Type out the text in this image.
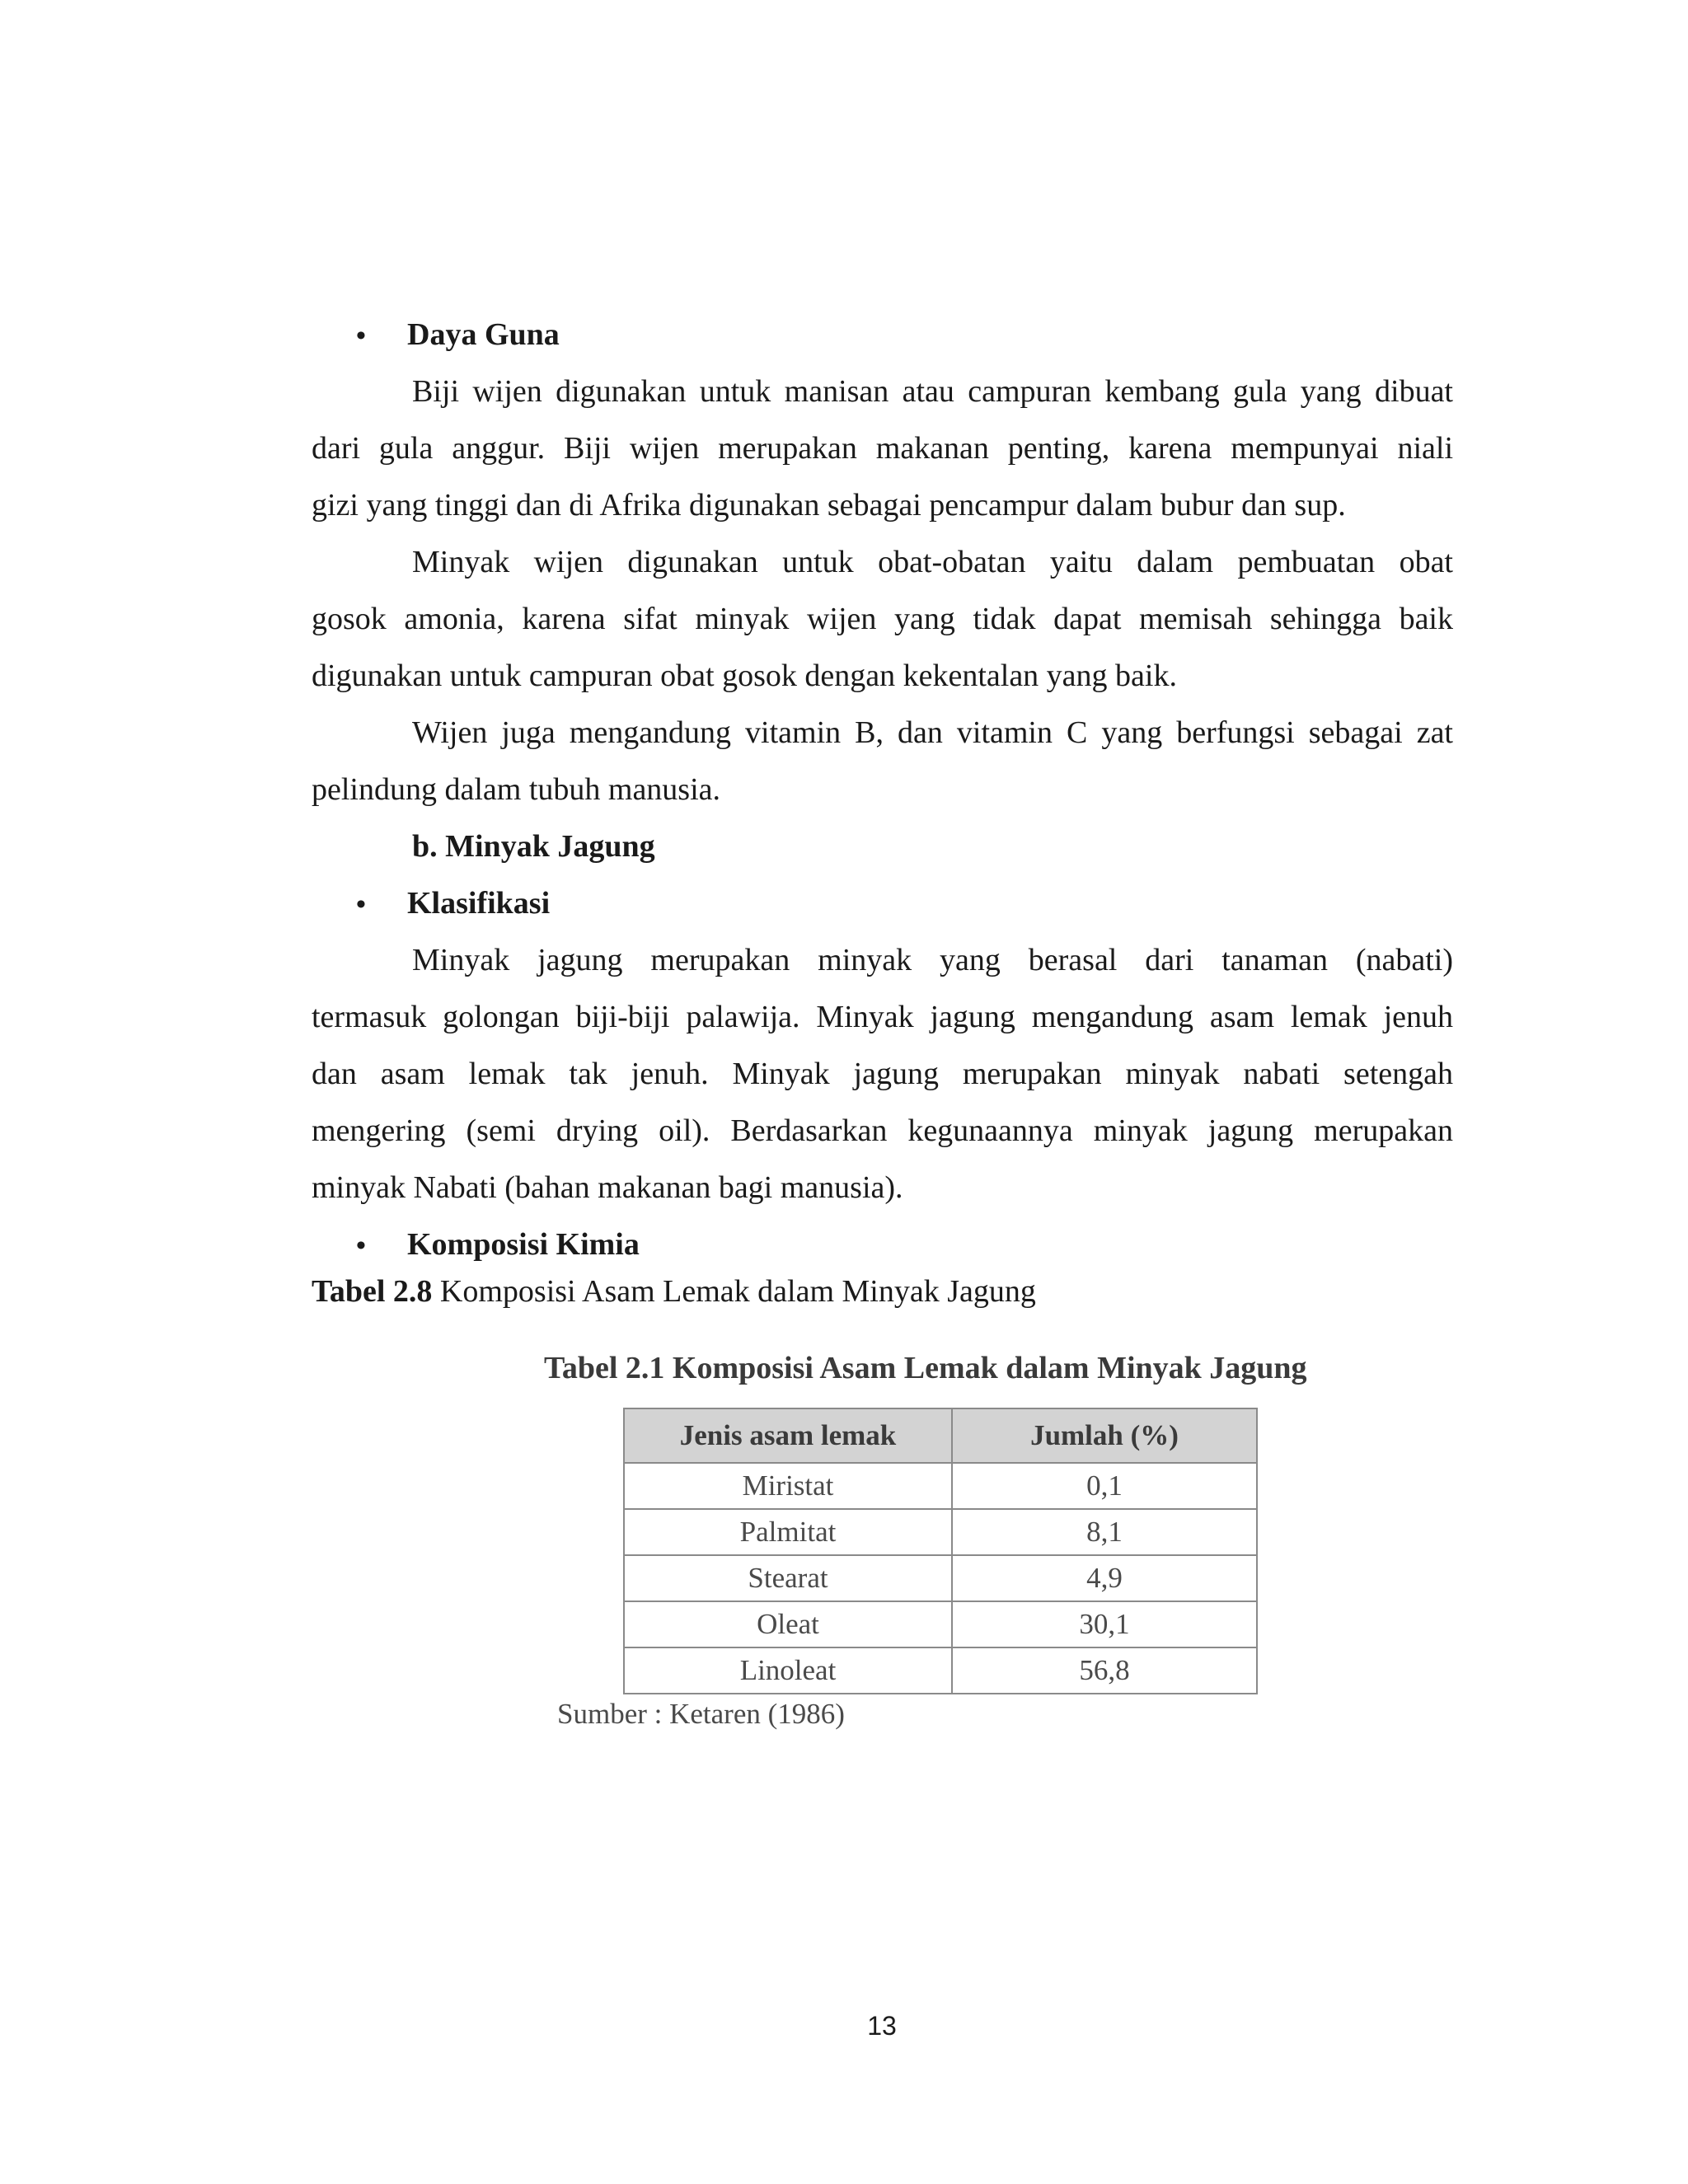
• Daya Guna
Biji wijen digunakan untuk manisan atau campuran kembang gula yang dibuat
dari gula anggur. Biji wijen merupakan makanan penting, karena mempunyai niali
gizi yang tinggi dan di Afrika digunakan sebagai pencampur dalam bubur dan sup.
Minyak wijen digunakan untuk obat-obatan yaitu dalam pembuatan obat
gosok amonia, karena sifat minyak wijen yang tidak dapat memisah sehingga baik
digunakan untuk campuran obat gosok dengan kekentalan yang baik.
Wijen juga mengandung vitamin B, dan vitamin C yang berfungsi sebagai zat
pelindung dalam tubuh manusia.
b. Minyak Jagung
• Klasifikasi
Minyak jagung merupakan minyak yang berasal dari tanaman (nabati)
termasuk golongan biji-biji palawija. Minyak jagung mengandung asam lemak jenuh
dan asam lemak tak jenuh. Minyak jagung merupakan minyak nabati setengah
mengering (semi drying oil). Berdasarkan kegunaannya minyak jagung merupakan
minyak Nabati (bahan makanan bagi manusia).
• Komposisi Kimia
Tabel 2.8 Komposisi Asam Lemak dalam Minyak Jagung
Tabel 2.1 Komposisi Asam Lemak dalam Minyak Jagung
Jenis asam lemak	Jumlah (%)
Miristat	0,1
Palmitat	8,1
Stearat	4,9
Oleat	30,1
Linoleat	56,8
Sumber : Ketaren (1986)
13
